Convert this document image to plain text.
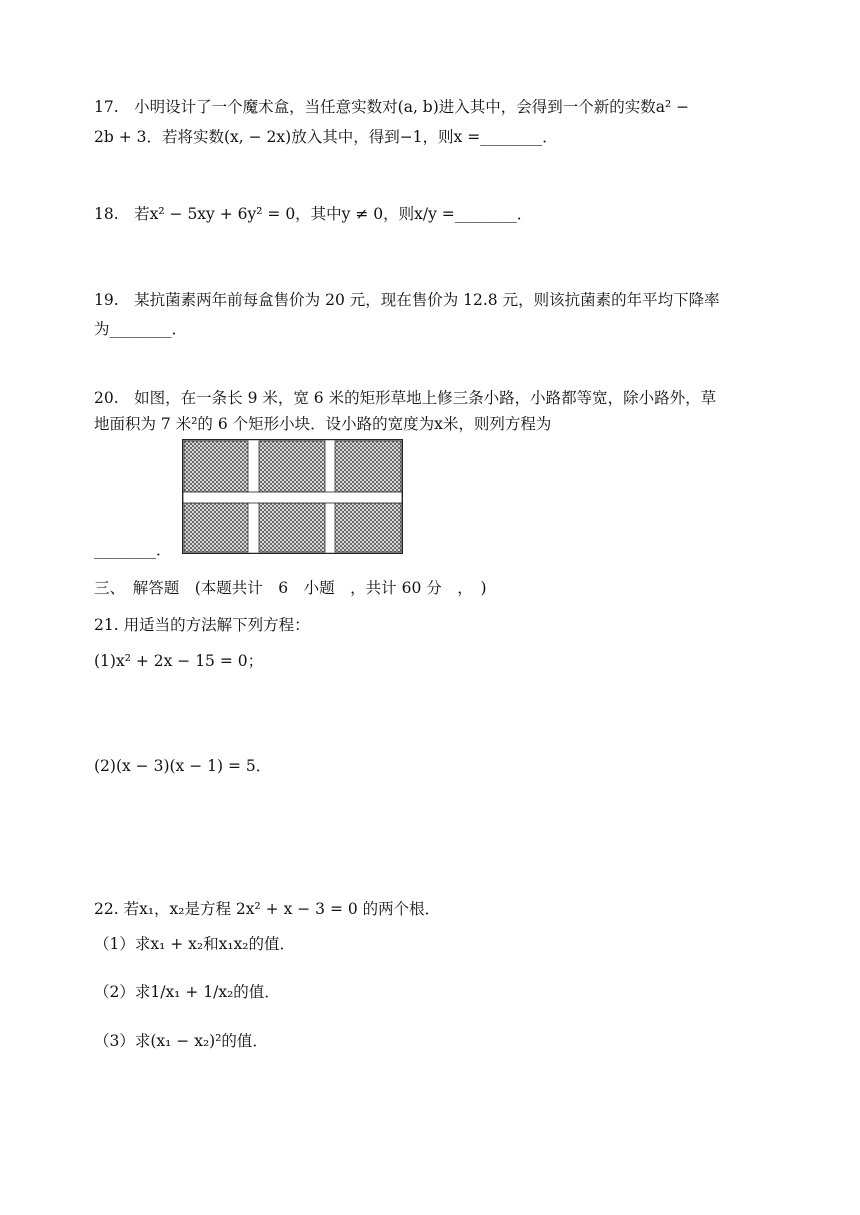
17.　小明设计了一个魔术盒，当任意实数对(a, b)进入其中，会得到一个新的实数a² −
2b + 3．若将实数(x, − 2x)放入其中，得到−1，则x =________．
18.　若x² − 5xy + 6y² = 0，其中y ≠ 0，则x/y =________．
19.　某抗菌素两年前每盒售价为 20 元，现在售价为 12.8 元，则该抗菌素的年平均下降率
为________．
20.　如图，在一条长 9 米，宽 6 米的矩形草地上修三条小路，小路都等宽，除小路外，草
地面积为 7 米²的 6 个矩形小块．设小路的宽度为x米，则列方程为
________．
三、　解答题　(本题共计　6　小题　，共计 60 分　，　)
21. 用适当的方法解下列方程：
(1)x² + 2x − 15 = 0；
(2)(x − 3)(x − 1) = 5．
22. 若x₁，x₂是方程 2x² + x − 3 = 0 的两个根．
（1）求x₁ + x₂和x₁x₂的值．
（2）求1/x₁ + 1/x₂的值．
（3）求(x₁ − x₂)²的值．
